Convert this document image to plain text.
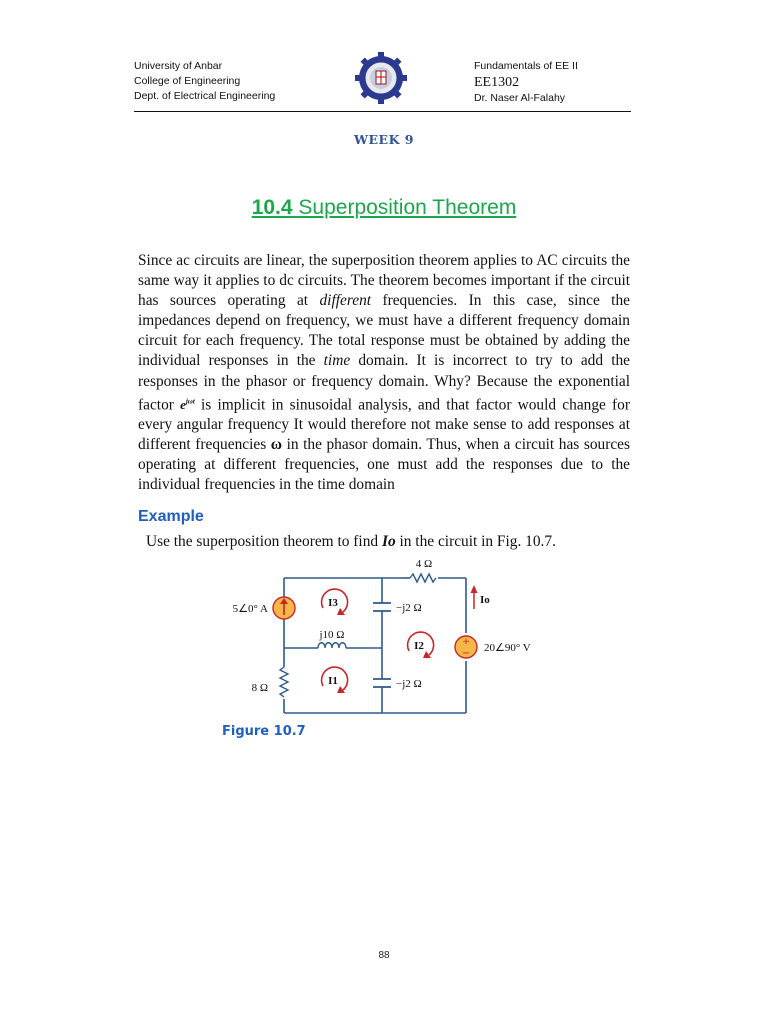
University of Anbar
College of Engineering
Dept. of Electrical Engineering
Fundamentals of EE II
EE1302
Dr. Naser Al-Falahy
WEEK 9
10.4 Superposition Theorem
Since ac circuits are linear, the superposition theorem applies to AC circuits the same way it applies to dc circuits. The theorem becomes important if the circuit has sources operating at different frequencies. In this case, since the impedances depend on frequency, we must have a different frequency domain circuit for each frequency. The total response must be obtained by adding the individual responses in the time domain. It is incorrect to try to add the responses in the phasor or frequency domain. Why? Because the exponential factor $e^{j\omega t}$ is implicit in sinusoidal analysis, and that factor would change for every angular frequency It would therefore not make sense to add responses at different frequencies ω in the phasor domain. Thus, when a circuit has sources operating at different frequencies, one must add the responses due to the individual frequencies in the time domain
Example
Use the superposition theorem to find Io in the circuit in Fig. 10.7.
+
−
4 Ω
8 Ω
j10 Ω
−j2 Ω
−j2 Ω
5∠0° A
20∠90° V
I3
I1
I2
Io
Figure 10.7
88
